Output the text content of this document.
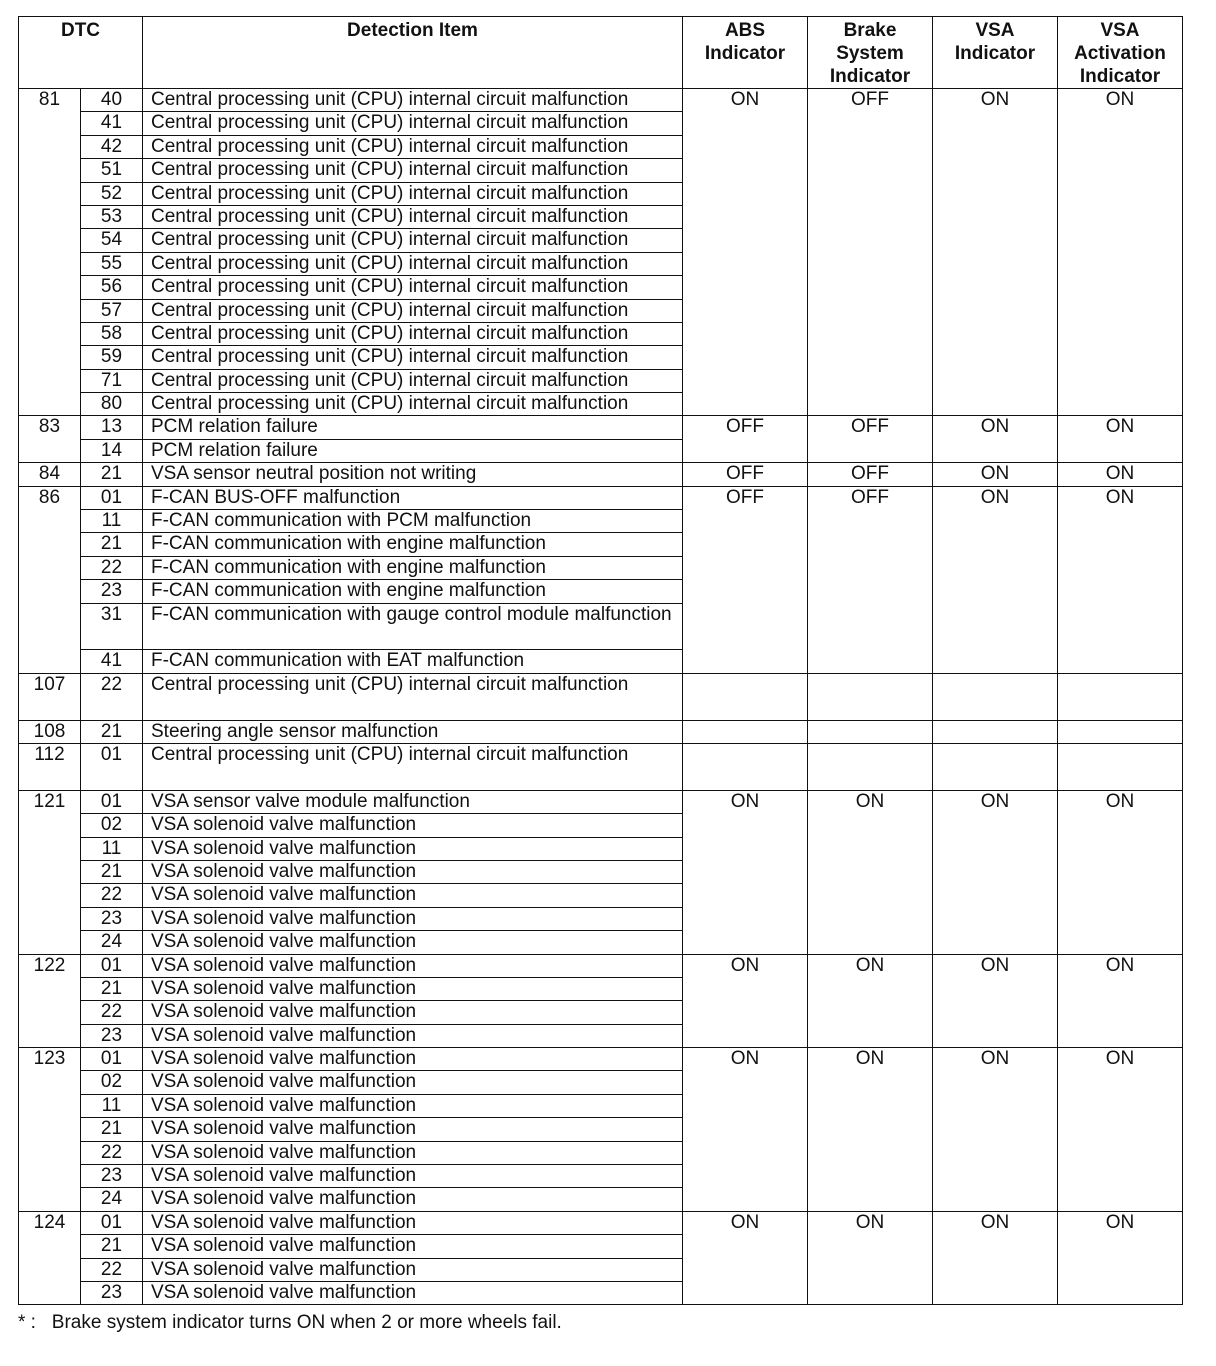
DTC		Detection Item	ABS Indicator	Brake System Indicator	VSA Indicator	VSA Activation Indicator
81	40	Central processing unit (CPU) internal circuit malfunction	ON	OFF	ON	ON
	41	Central processing unit (CPU) internal circuit malfunction				
	42	Central processing unit (CPU) internal circuit malfunction				
	51	Central processing unit (CPU) internal circuit malfunction				
	52	Central processing unit (CPU) internal circuit malfunction				
	53	Central processing unit (CPU) internal circuit malfunction				
	54	Central processing unit (CPU) internal circuit malfunction				
	55	Central processing unit (CPU) internal circuit malfunction				
	56	Central processing unit (CPU) internal circuit malfunction				
	57	Central processing unit (CPU) internal circuit malfunction				
	58	Central processing unit (CPU) internal circuit malfunction				
	59	Central processing unit (CPU) internal circuit malfunction				
	71	Central processing unit (CPU) internal circuit malfunction				
	80	Central processing unit (CPU) internal circuit malfunction				
83	13	PCM relation failure	OFF	OFF	ON	ON
	14	PCM relation failure				
84	21	VSA sensor neutral position not writing	OFF	OFF	ON	ON
86	01	F-CAN BUS-OFF malfunction	OFF	OFF	ON	ON
	11	F-CAN communication with PCM malfunction				
	21	F-CAN communication with engine malfunction				
	22	F-CAN communication with engine malfunction				
	23	F-CAN communication with engine malfunction				
	31	F-CAN communication with gauge control module malfunction				
	41	F-CAN communication with EAT malfunction				
107	22	Central processing unit (CPU) internal circuit malfunction				
108	21	Steering angle sensor malfunction				
112	01	Central processing unit (CPU) internal circuit malfunction				
121	01	VSA sensor valve module malfunction	ON	ON	ON	ON
	02	VSA solenoid valve malfunction				
	11	VSA solenoid valve malfunction				
	21	VSA solenoid valve malfunction				
	22	VSA solenoid valve malfunction				
	23	VSA solenoid valve malfunction				
	24	VSA solenoid valve malfunction				
122	01	VSA solenoid valve malfunction	ON	ON	ON	ON
	21	VSA solenoid valve malfunction				
	22	VSA solenoid valve malfunction				
	23	VSA solenoid valve malfunction				
123	01	VSA solenoid valve malfunction	ON	ON	ON	ON
	02	VSA solenoid valve malfunction				
	11	VSA solenoid valve malfunction				
	21	VSA solenoid valve malfunction				
	22	VSA solenoid valve malfunction				
	23	VSA solenoid valve malfunction				
	24	VSA solenoid valve malfunction				
124	01	VSA solenoid valve malfunction	ON	ON	ON	ON
	21	VSA solenoid valve malfunction				
	22	VSA solenoid valve malfunction				
	23	VSA solenoid valve malfunction				
* :   Brake system indicator turns ON when 2 or more wheels fail.
